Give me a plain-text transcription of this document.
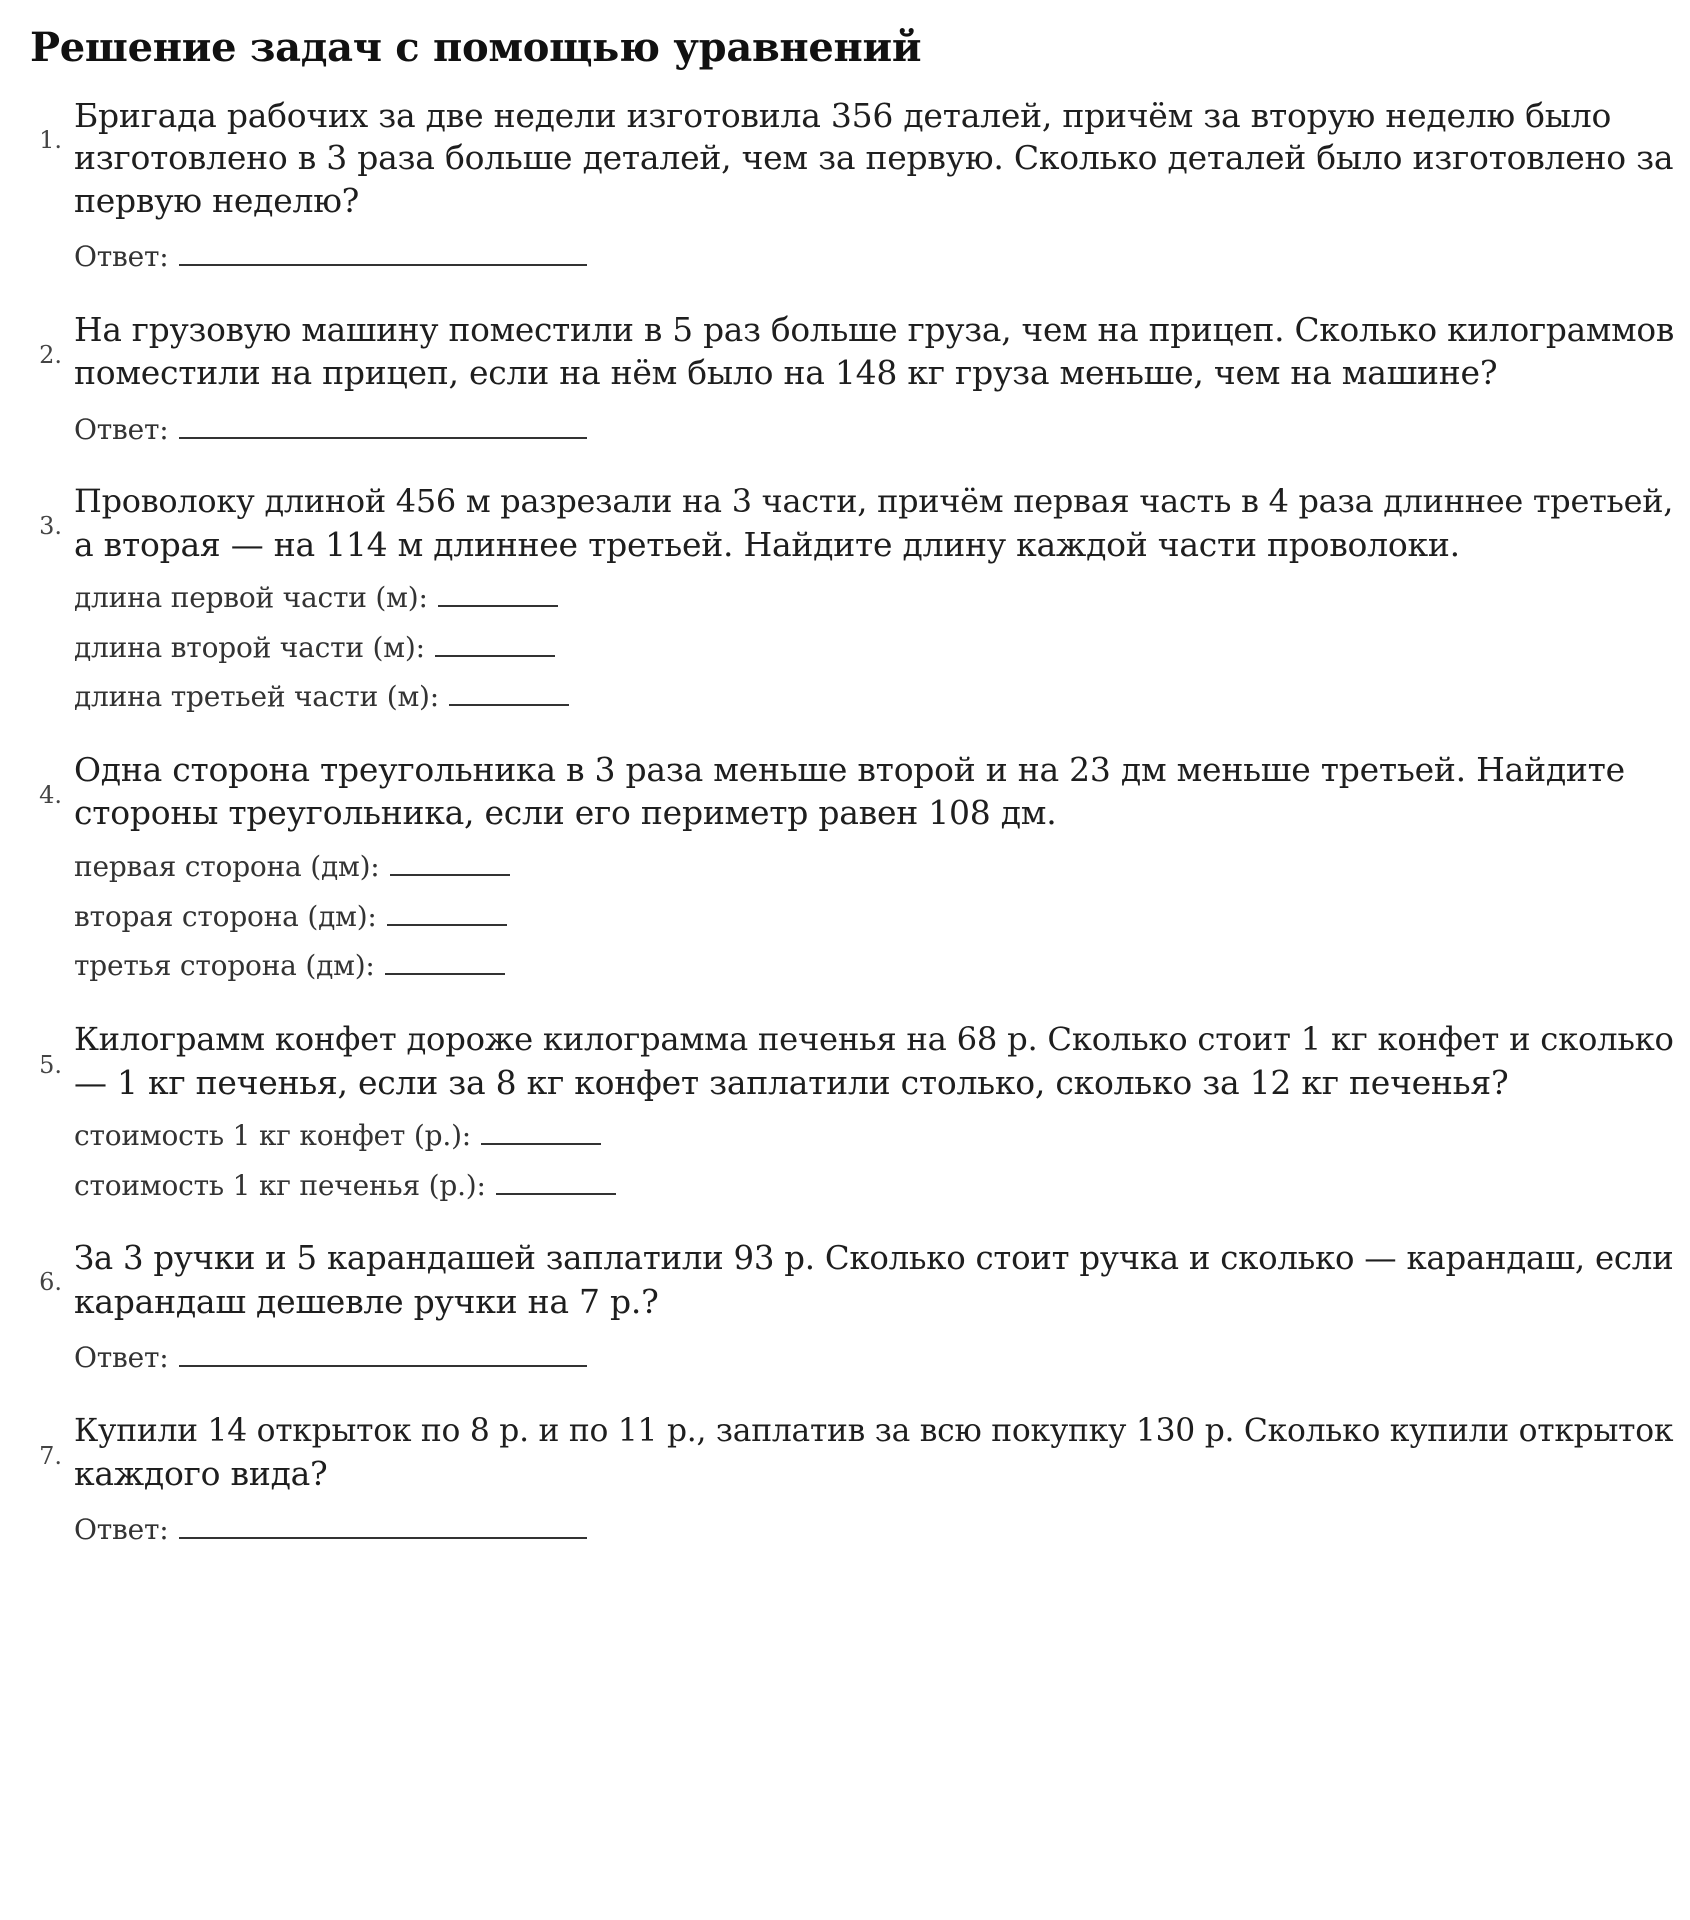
Решение задач с помощью уравнений
1.
Бригада рабочих за две недели изготовила 356 деталей, причём за вторую неделю было
изготовлено в 3 раза больше деталей, чем за первую. Сколько деталей было изготовлено за
первую неделю?
Ответ:
2.
На грузовую машину поместили в 5 раз больше груза, чем на прицеп. Сколько килограммов
поместили на прицеп, если на нём было на 148 кг груза меньше, чем на машине?
Ответ:
3.
Проволоку длиной 456 м разрезали на 3 части, причём первая часть в 4 раза длиннее третьей,
а вторая — на 114 м длиннее третьей. Найдите длину каждой части проволоки.
длина первой части (м):
длина второй части (м):
длина третьей части (м):
4.
Одна сторона треугольника в 3 раза меньше второй и на 23 дм меньше третьей. Найдите
стороны треугольника, если его периметр равен 108 дм.
первая сторона (дм):
вторая сторона (дм):
третья сторона (дм):
5.
Килограмм конфет дороже килограмма печенья на 68 р. Сколько стоит 1 кг конфет и сколько
— 1 кг печенья, если за 8 кг конфет заплатили столько, сколько за 12 кг печенья?
стоимость 1 кг конфет (р.):
стоимость 1 кг печенья (р.):
6.
За 3 ручки и 5 карандашей заплатили 93 р. Сколько стоит ручка и сколько — карандаш, если
карандаш дешевле ручки на 7 р.?
Ответ:
7.
Купили 14 открыток по 8 р. и по 11 р., заплатив за всю покупку 130 р. Сколько купили открыток
каждого вида?
Ответ:
